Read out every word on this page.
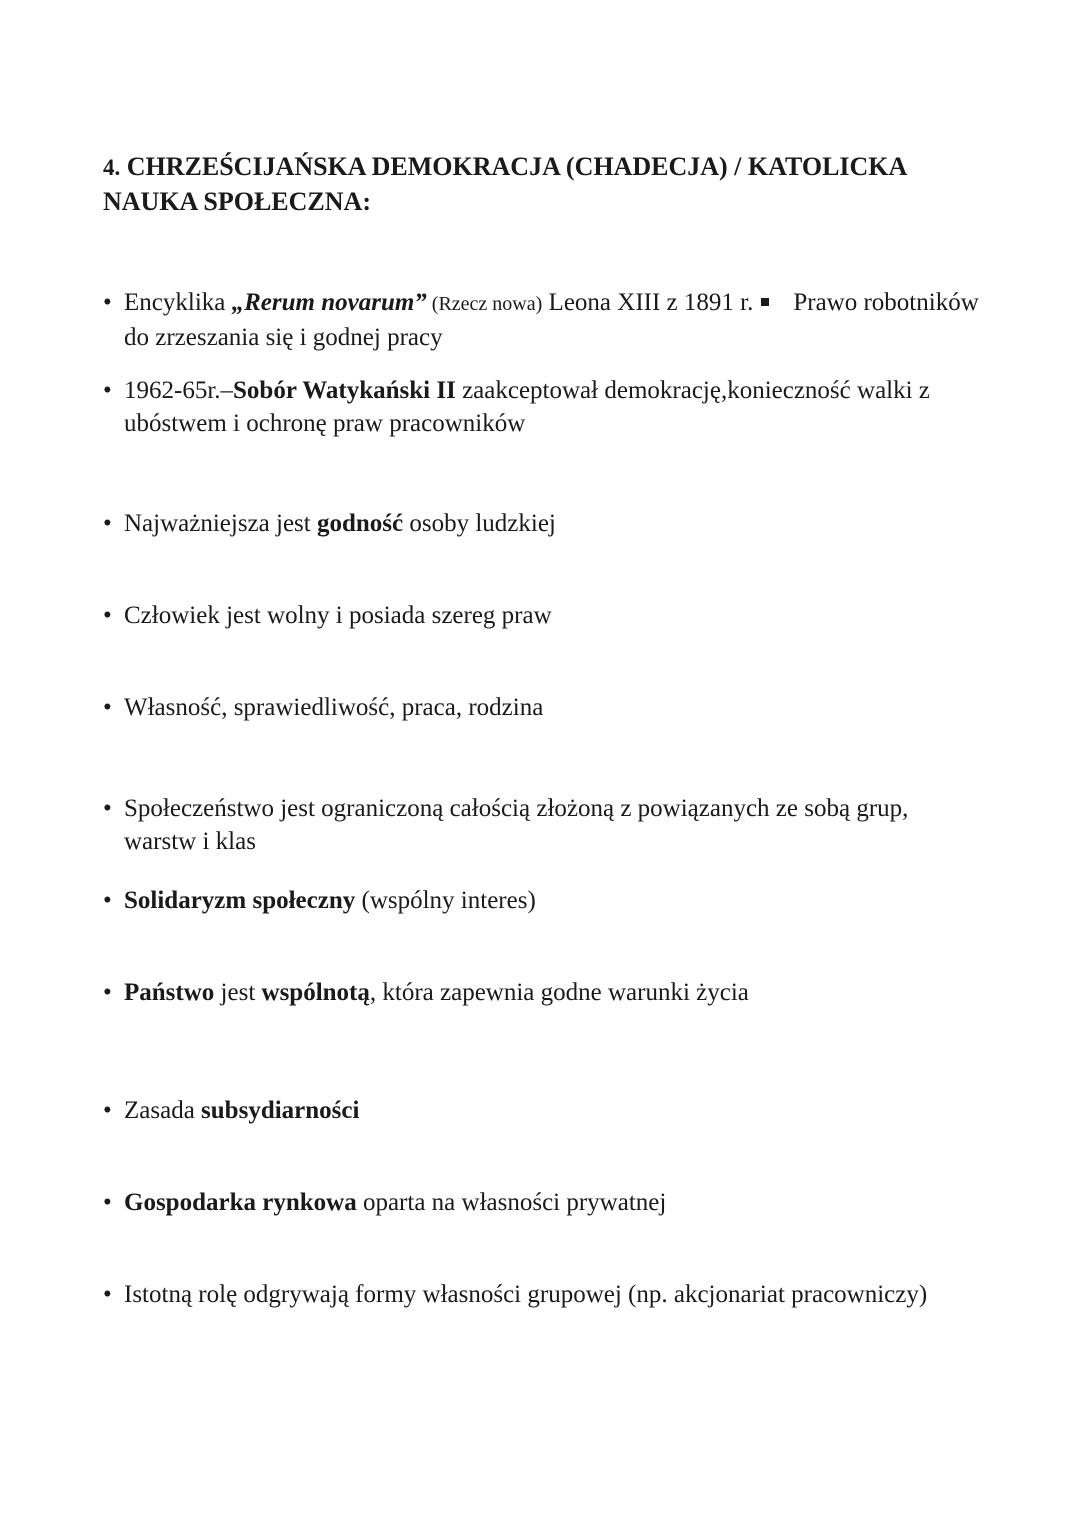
4. CHRZEŚCIJAŃSKA DEMOKRACJA (CHADECJA) / KATOLICKA NAUKA SPOŁECZNA:
• Encyklika „Rerum novarum” (Rzecz nowa) Leona XIII z 1891 r. Prawo robotników do zrzeszania się i godnej pracy
• 1962-65r.–Sobór Watykański II zaakceptował demokrację,konieczność walki z ubóstwem i ochronę praw pracowników
• Najważniejsza jest godność osoby ludzkiej
• Człowiek jest wolny i posiada szereg praw
• Własność, sprawiedliwość, praca, rodzina
• Społeczeństwo jest ograniczoną całością złożoną z powiązanych ze sobą grup, warstw i klas
• Solidaryzm społeczny (wspólny interes)
• Państwo jest wspólnotą, która zapewnia godne warunki życia
• Zasada subsydiarności
• Gospodarka rynkowa oparta na własności prywatnej
• Istotną rolę odgrywają formy własności grupowej (np. akcjonariat pracowniczy)
